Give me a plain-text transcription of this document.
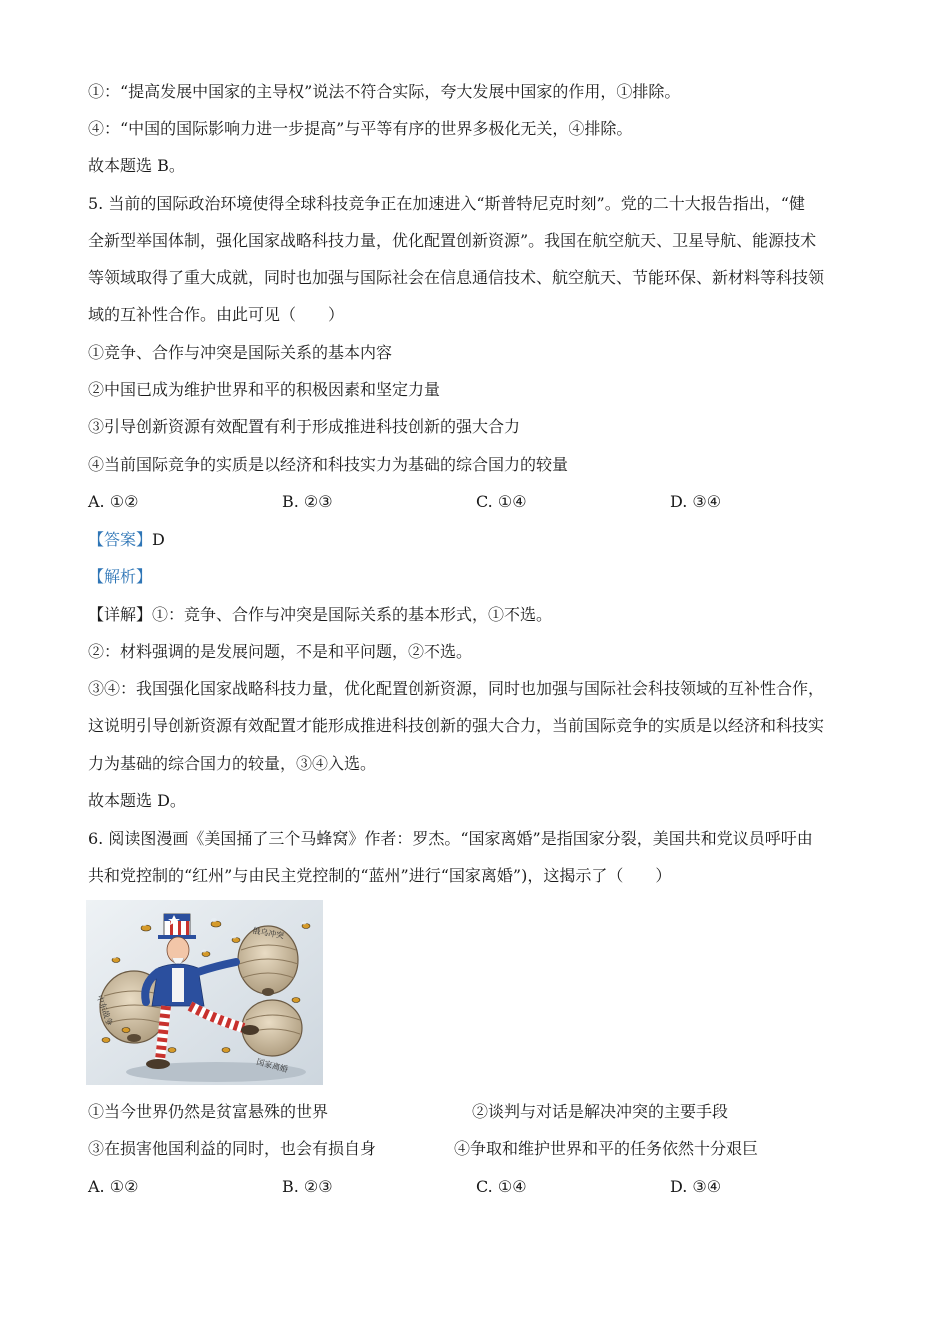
①：“提高发展中国家的主导权”说法不符合实际，夸大发展中国家的作用，①排除。
④：“中国的国际影响力进一步提高”与平等有序的世界多极化无关，④排除。
故本题选 B。
5. 当前的国际政治环境使得全球科技竞争正在加速进入“斯普特尼克时刻”。党的二十大报告指出，“健
全新型举国体制，强化国家战略科技力量，优化配置创新资源”。我国在航空航天、卫星导航、能源技术
等领域取得了重大成就，同时也加强与国际社会在信息通信技术、航空航天、节能环保、新材料等科技领
域的互补性合作。由此可见（　　）
①竞争、合作与冲突是国际关系的基本内容
②中国已成为维护世界和平的积极因素和坚定力量
③引导创新资源有效配置有利于形成推进科技创新的强大合力
④当前国际竞争的实质是以经济和科技实力为基础的综合国力的较量
A. ①②	B. ②③	C. ①④	D. ③④
【答案】D
【解析】
【详解】①：竞争、合作与冲突是国际关系的基本形式，①不选。
②：材料强调的是发展问题，不是和平问题，②不选。
③④：我国强化国家战略科技力量，优化配置创新资源，同时也加强与国际社会科技领域的互补性合作，
这说明引导创新资源有效配置才能形成推进科技创新的强大合力，当前国际竞争的实质是以经济和科技实
力为基础的综合国力的较量，③④入选。
故本题选 D。
6. 阅读图漫画《美国捅了三个马蜂窝》作者：罗杰。“国家离婚”是指国家分裂，美国共和党议员呼吁由
共和党控制的“红州”与由民主党控制的“蓝州”进行“国家离婚”)，这揭示了（　　）
中东战争
俄乌冲突
国家离婚
①当今世界仍然是贫富悬殊的世界	②谈判与对话是解决冲突的主要手段
③在损害他国利益的同时，也会有损自身	④争取和维护世界和平的任务依然十分艰巨
A. ①②	B. ②③	C. ①④	D. ③④
